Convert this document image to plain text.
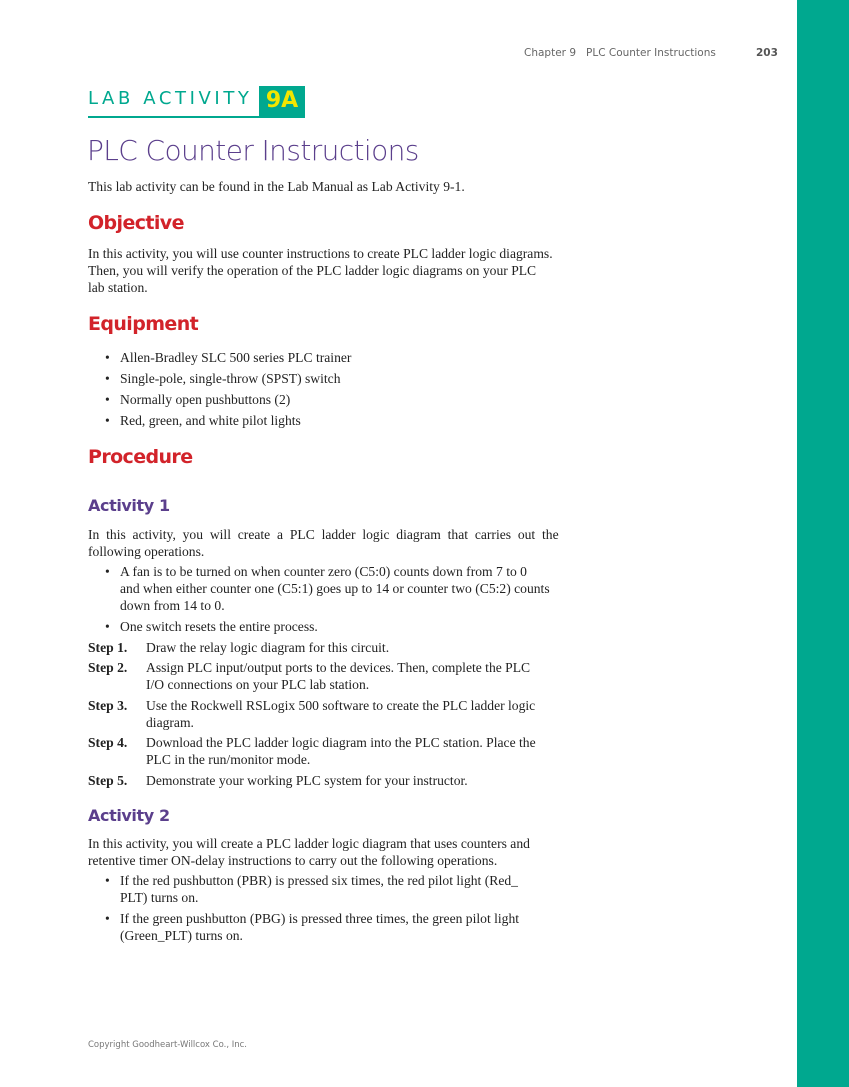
Chapter 9   PLC Counter Instructions	203
LAB ACTIVITY 9A
PLC Counter Instructions
This lab activity can be found in the Lab Manual as Lab Activity 9-1.
Objective
In this activity, you will use counter instructions to create PLC ladder logic diagrams.
Then, you will verify the operation of the PLC ladder logic diagrams on your PLC
lab station.
Equipment
• Allen-Bradley SLC 500 series PLC trainer
• Single-pole, single-throw (SPST) switch
• Normally open pushbuttons (2)
• Red, green, and white pilot lights
Procedure
Activity 1
In  this  activity,  you  will  create  a  PLC  ladder  logic  diagram  that  carries  out  the
following operations.
• A fan is to be turned on when counter zero (C5:0) counts down from 7 to 0
and when either counter one (C5:1) goes up to 14 or counter two (C5:2) counts
down from 14 to 0.
• One switch resets the entire process.
Step 1. Draw the relay logic diagram for this circuit.
Step 2. Assign PLC input/output ports to the devices. Then, complete the PLC
I/O connections on your PLC lab station.
Step 3. Use the Rockwell RSLogix 500 software to create the PLC ladder logic
diagram.
Step 4. Download the PLC ladder logic diagram into the PLC station. Place the
PLC in the run/monitor mode.
Step 5. Demonstrate your working PLC system for your instructor.
Activity 2
In this activity, you will create a PLC ladder logic diagram that uses counters and
retentive timer ON-delay instructions to carry out the following operations.
• If the red pushbutton (PBR) is pressed six times, the red pilot light (Red_
PLT) turns on.
• If the green pushbutton (PBG) is pressed three times, the green pilot light
(Green_PLT) turns on.
Copyright Goodheart-Willcox Co., Inc.
